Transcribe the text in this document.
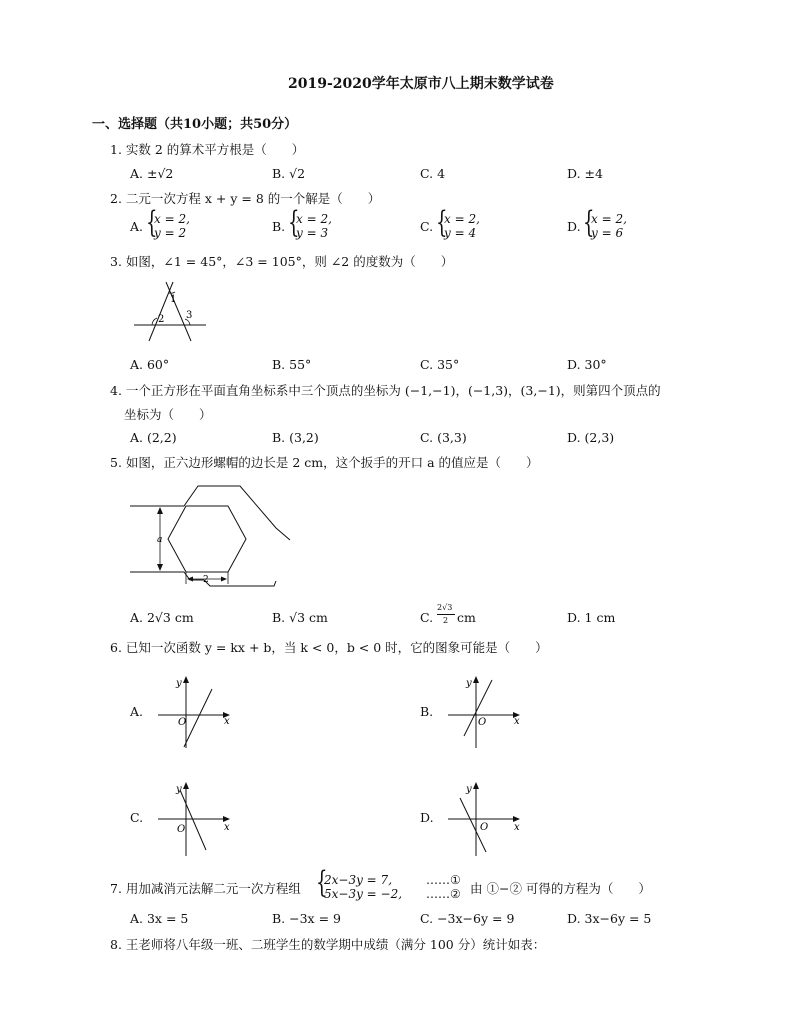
2019-2020学年太原市八上期末数学试卷
一、选择题（共10小题；共50分）
1. 实数 2 的算术平方根是（　　）
A. ±√2	B. √2	C. 4	D. ±4
2. 二元一次方程 x + y = 8 的一个解是（　　）
A. {
x = 2,
y = 2	B. {
x = 2,
y = 3	C. {
x = 2,
y = 4	D. {
x = 2,
y = 6
3. 如图，∠1 = 45°，∠3 = 105°，则 ∠2 的度数为（　　）
1
2 3
A. 60°	B. 55°	C. 35°	D. 30°
4. 一个正方形在平面直角坐标系中三个顶点的坐标为 (−1,−1)，(−1,3)，(3,−1)，则第四个顶点的
坐标为（　　）
A. (2,2)	B. (3,2)	C. (3,3)	D. (2,3)
5. 如图，正六边形螺帽的边长是 2 cm，这个扳手的开口 a 的值应是（　　）
a
2
A. 2√3 cm	B. √3 cm	C.
2√3
2 cm	D. 1 cm
6. 已知一次函数 y = kx + b，当 k < 0，b < 0 时，它的图象可能是（　　）
A.
y
x
O
B.
y
x
O
C.
y
x
O
D.
y
x
O
7. 用加减消元法解二元一次方程组 {
2x−3y = 7,
5x−3y = −2,
……①
……② 由 ①−② 可得的方程为（　　）
A. 3x = 5	B. −3x = 9	C. −3x−6y = 9	D. 3x−6y = 5
8. 王老师将八年级一班、二班学生的数学期中成绩（满分 100 分）统计如表：
